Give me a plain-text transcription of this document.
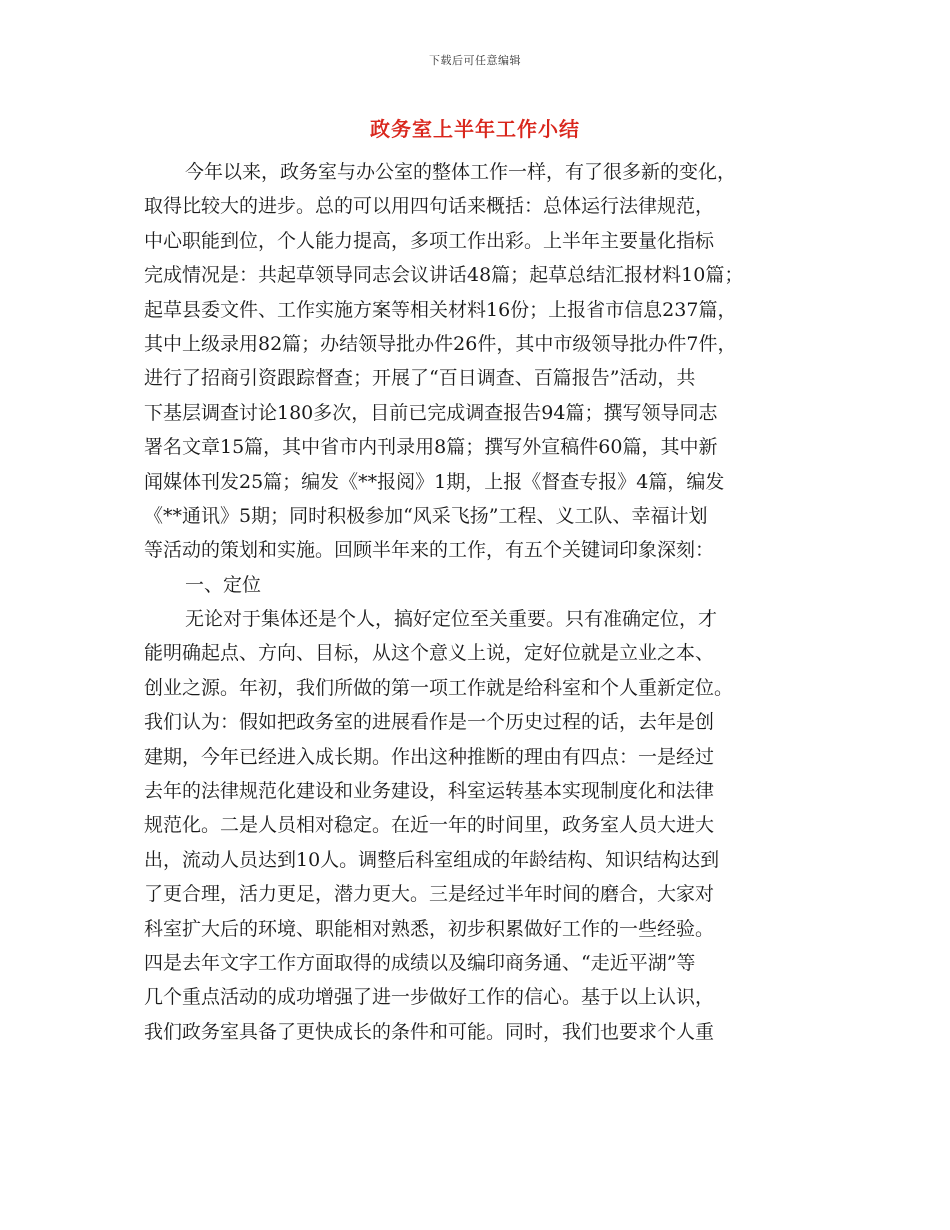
下载后可任意编辑
政务室上半年工作小结
今年以来，政务室与办公室的整体工作一样，有了很多新的变化，
取得比较大的进步。总的可以用四句话来概括：总体运行法律规范，
中心职能到位，个人能力提高，多项工作出彩。上半年主要量化指标
完成情况是：共起草领导同志会议讲话48篇；起草总结汇报材料10篇；
起草县委文件、工作实施方案等相关材料16份；上报省市信息237篇，
其中上级录用82篇；办结领导批办件26件，其中市级领导批办件7件，
进行了招商引资跟踪督查；开展了“百日调查、百篇报告”活动，共
下基层调查讨论180多次，目前已完成调查报告94篇；撰写领导同志
署名文章15篇，其中省市内刊录用8篇；撰写外宣稿件60篇，其中新
闻媒体刊发25篇；编发《**报阅》1期，上报《督查专报》4篇，编发
《**通讯》5期；同时积极参加“风采飞扬”工程、义工队、幸福计划
等活动的策划和实施。回顾半年来的工作，有五个关键词印象深刻：
一、定位
无论对于集体还是个人，搞好定位至关重要。只有准确定位，才
能明确起点、方向、目标，从这个意义上说，定好位就是立业之本、
创业之源。年初，我们所做的第一项工作就是给科室和个人重新定位。
我们认为：假如把政务室的进展看作是一个历史过程的话，去年是创
建期，今年已经进入成长期。作出这种推断的理由有四点：一是经过
去年的法律规范化建设和业务建设，科室运转基本实现制度化和法律
规范化。二是人员相对稳定。在近一年的时间里，政务室人员大进大
出，流动人员达到10人。调整后科室组成的年龄结构、知识结构达到
了更合理，活力更足，潜力更大。三是经过半年时间的磨合，大家对
科室扩大后的环境、职能相对熟悉，初步积累做好工作的一些经验。
四是去年文字工作方面取得的成绩以及编印商务通、“走近平湖”等
几个重点活动的成功增强了进一步做好工作的信心。基于以上认识，
我们政务室具备了更快成长的条件和可能。同时，我们也要求个人重
